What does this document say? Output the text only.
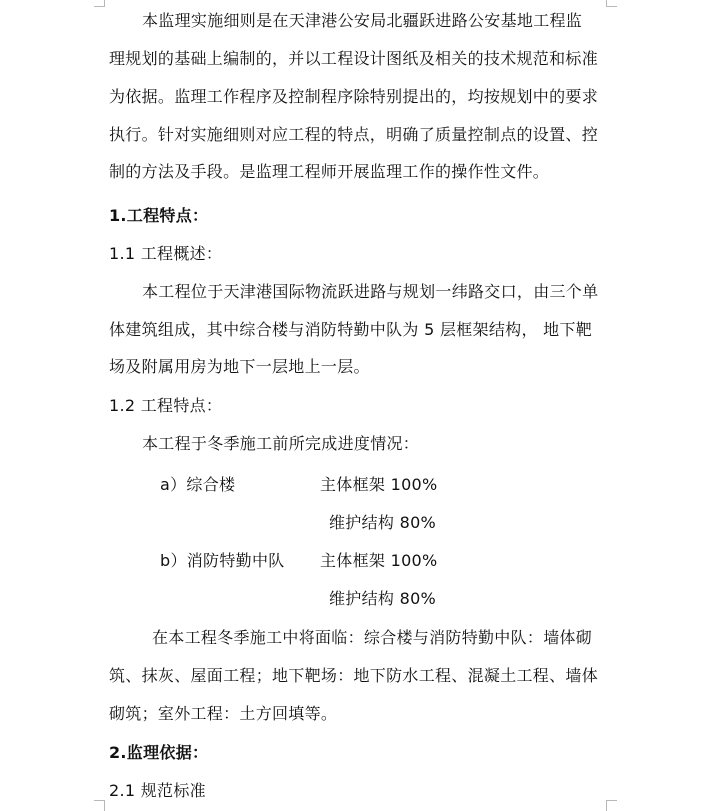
本监理实施细则是在天津港公安局北疆跃进路公安基地工程监
理规划的基础上编制的，并以工程设计图纸及相关的技术规范和标准
为依据。监理工作程序及控制程序除特别提出的，均按规划中的要求
执行。针对实施细则对应工程的特点，明确了质量控制点的设置、控
制的方法及手段。是监理工程师开展监理工作的操作性文件。
1.工程特点：
1.1 工程概述：
本工程位于天津港国际物流跃进路与规划一纬路交口，由三个单
体建筑组成，其中综合楼与消防特勤中队为 5 层框架结构， 地下靶
场及附属用房为地下一层地上一层。
1.2 工程特点：
本工程于冬季施工前所完成进度情况：
a）综合楼	主体框架 100%
维护结构 80%
b）消防特勤中队 主体框架 100%
维护结构 80%
在本工程冬季施工中将面临：综合楼与消防特勤中队：墙体砌
筑、抹灰、屋面工程；地下靶场：地下防水工程、混凝土工程、墙体
砌筑；室外工程：土方回填等。
2.监理依据：
2.1 规范标准
